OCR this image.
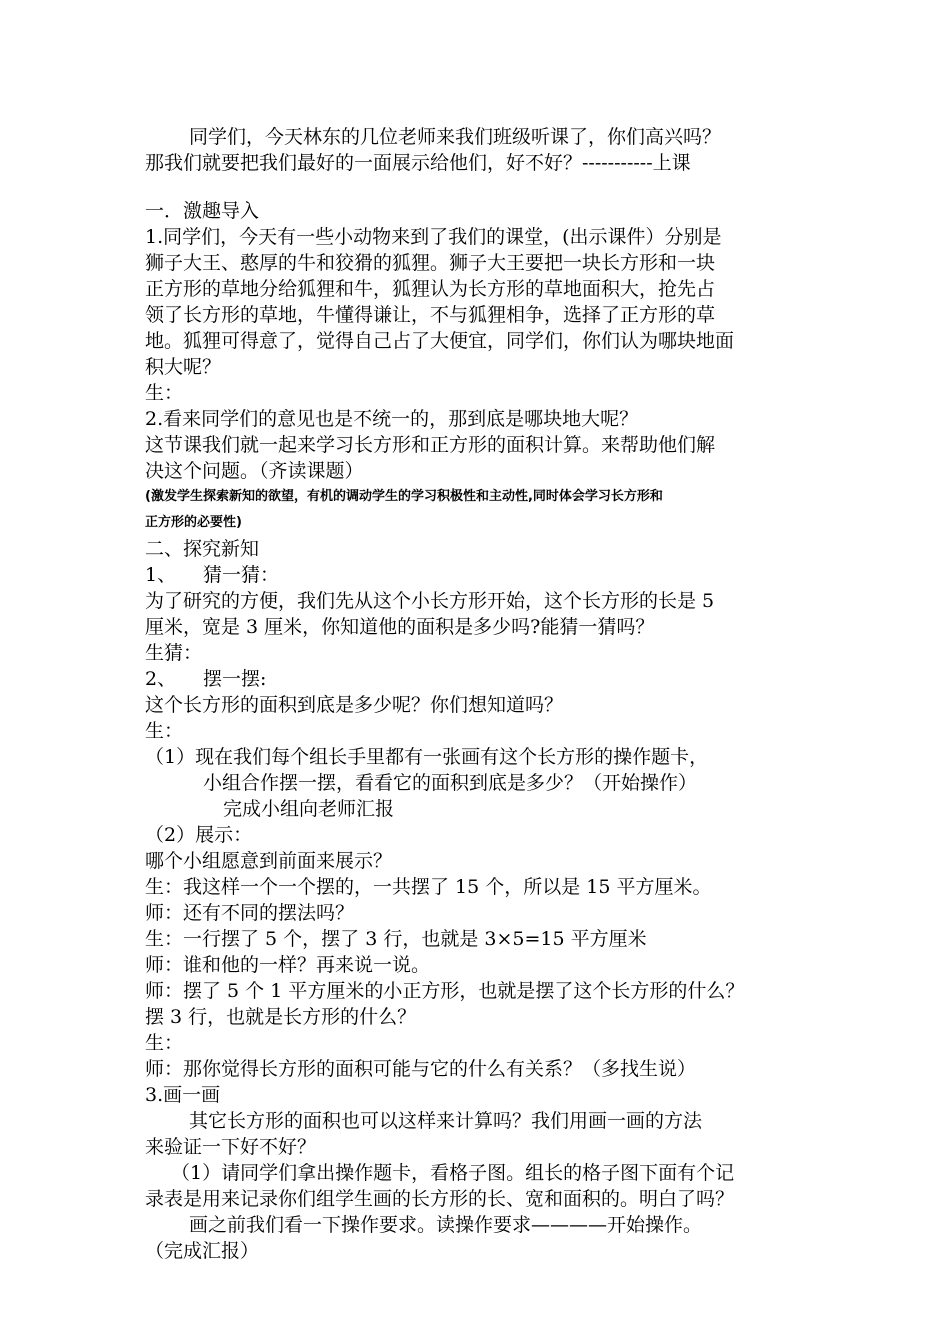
同学们，今天林东的几位老师来我们班级听课了，你们高兴吗？

那我们就要把我们最好的一面展示给他们，好不好？-----------上课

一．激趣导入

1.同学们，今天有一些小动物来到了我们的课堂，(出示课件）分别是

狮子大王、憨厚的牛和狡猾的狐狸。狮子大王要把一块长方形和一块

正方形的草地分给狐狸和牛，狐狸认为长方形的草地面积大，抢先占

领了长方形的草地，牛懂得谦让，不与狐狸相争，选择了正方形的草

地。狐狸可得意了，觉得自己占了大便宜，同学们，你们认为哪块地面

积大呢？

生：

2.看来同学们的意见也是不统一的，那到底是哪块地大呢？

这节课我们就一起来学习长方形和正方形的面积计算。来帮助他们解

决这个问题。（齐读课题）

(激发学生探索新知的欲望，有机的调动学生的学习积极性和主动性,同时体会学习长方形和

正方形的必要性)

二、探究新知

1、 猜一猜：

为了研究的方便，我们先从这个小长方形开始，这个长方形的长是 5

厘米，宽是 3 厘米，你知道他的面积是多少吗?能猜一猜吗？

生猜：

2、 摆一摆:

这个长方形的面积到底是多少呢？你们想知道吗？

生：

（1）现在我们每个组长手里都有一张画有这个长方形的操作题卡，

小组合作摆一摆，看看它的面积到底是多少？（开始操作）

完成小组向老师汇报

（2）展示：

哪个小组愿意到前面来展示？

生：我这样一个一个摆的，一共摆了 15 个，所以是 15 平方厘米。

师：还有不同的摆法吗？

生：一行摆了 5 个，摆了 3 行，也就是 3×5=15 平方厘米

师：谁和他的一样？再来说一说。

师：摆了 5 个 1 平方厘米的小正方形，也就是摆了这个长方形的什么？

摆 3 行，也就是长方形的什么？

生：

师：那你觉得长方形的面积可能与它的什么有关系？（多找生说）

3.画一画

其它长方形的面积也可以这样来计算吗？我们用画一画的方法

来验证一下好不好？

（1）请同学们拿出操作题卡，看格子图。组长的格子图下面有个记

录表是用来记录你们组学生画的长方形的长、宽和面积的。明白了吗？

画之前我们看一下操作要求。读操作要求————开始操作。

（完成汇报）
